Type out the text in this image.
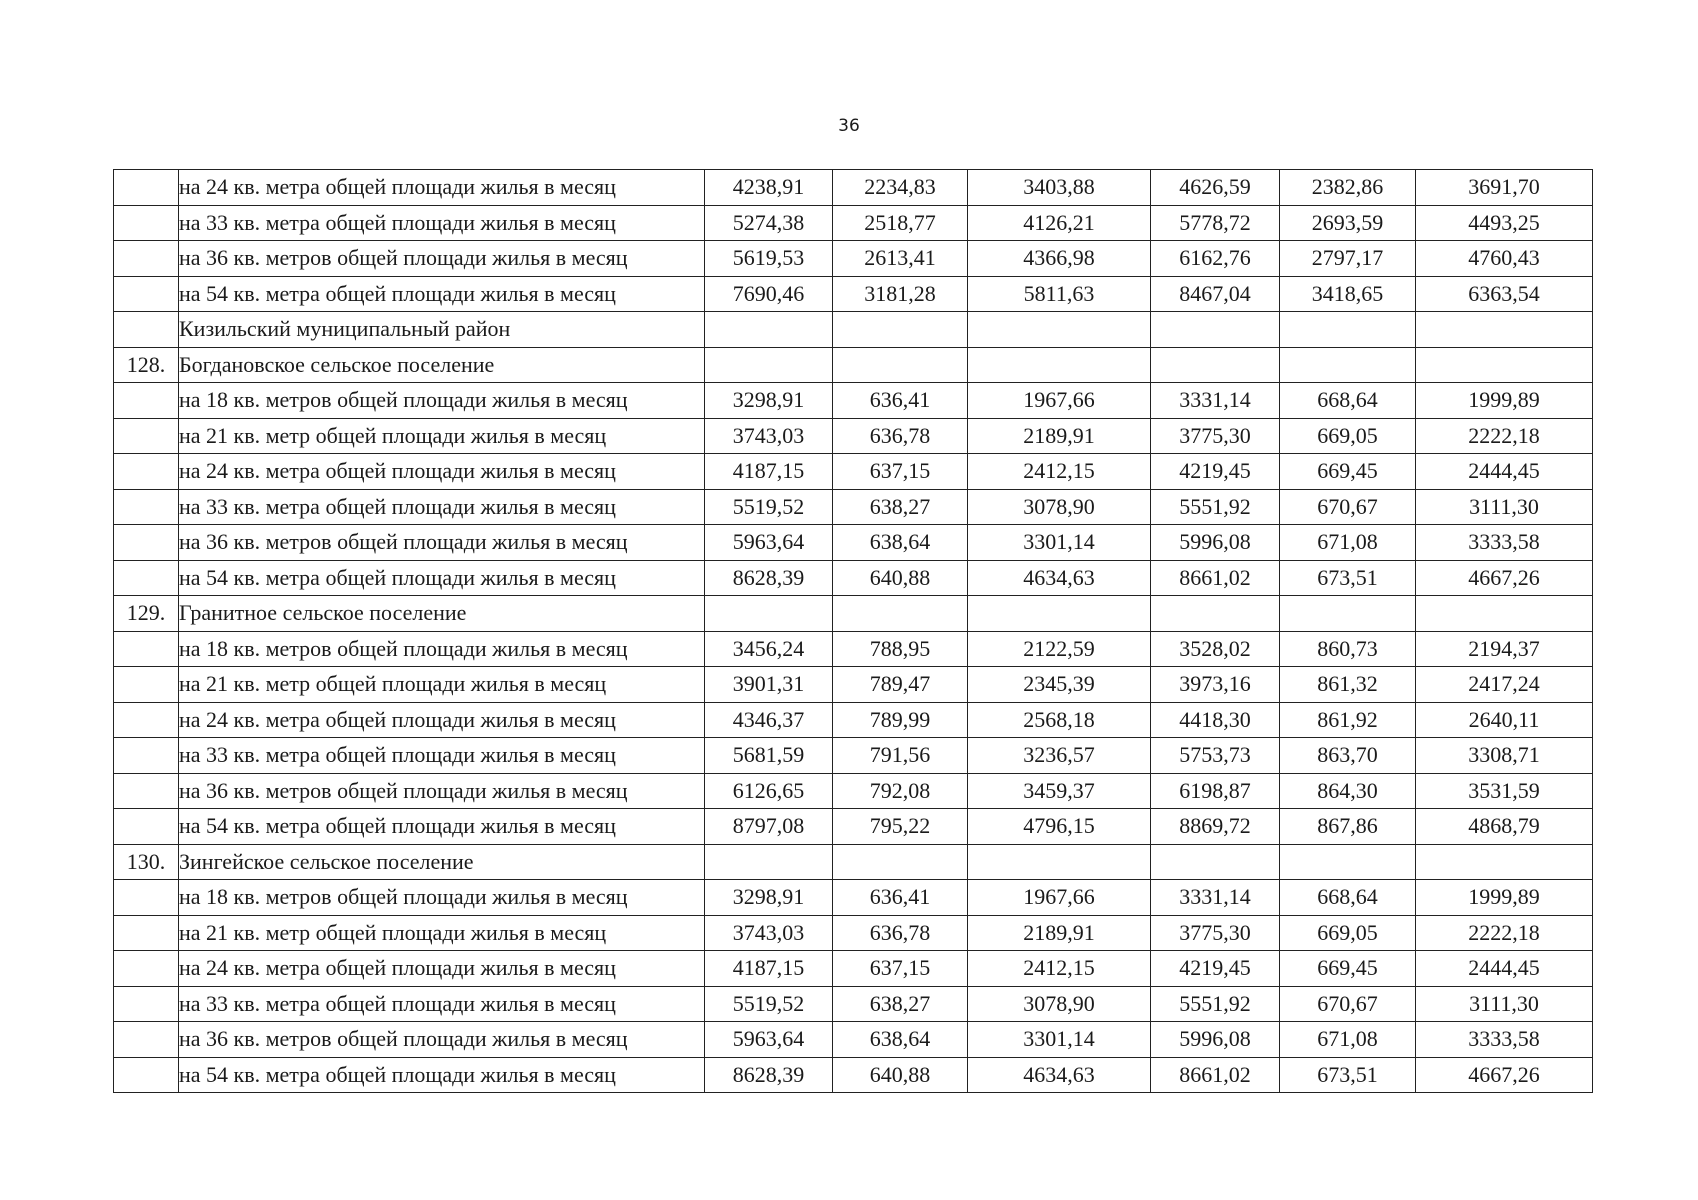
36
	на 24 кв. метра общей площади жилья в месяц	4238,91	2234,83	3403,88	4626,59	2382,86	3691,70
	на 33 кв. метра общей площади жилья в месяц	5274,38	2518,77	4126,21	5778,72	2693,59	4493,25
	на 36 кв. метров общей площади жилья в месяц	5619,53	2613,41	4366,98	6162,76	2797,17	4760,43
	на 54 кв. метра общей площади жилья в месяц	7690,46	3181,28	5811,63	8467,04	3418,65	6363,54
	Кизильский муниципальный район						
128.	Богдановское сельское поселение						
	на 18 кв. метров общей площади жилья в месяц	3298,91	636,41	1967,66	3331,14	668,64	1999,89
	на 21 кв. метр общей площади жилья в месяц	3743,03	636,78	2189,91	3775,30	669,05	2222,18
	на 24 кв. метра общей площади жилья в месяц	4187,15	637,15	2412,15	4219,45	669,45	2444,45
	на 33 кв. метра общей площади жилья в месяц	5519,52	638,27	3078,90	5551,92	670,67	3111,30
	на 36 кв. метров общей площади жилья в месяц	5963,64	638,64	3301,14	5996,08	671,08	3333,58
	на 54 кв. метра общей площади жилья в месяц	8628,39	640,88	4634,63	8661,02	673,51	4667,26
129.	Гранитное сельское поселение						
	на 18 кв. метров общей площади жилья в месяц	3456,24	788,95	2122,59	3528,02	860,73	2194,37
	на 21 кв. метр общей площади жилья в месяц	3901,31	789,47	2345,39	3973,16	861,32	2417,24
	на 24 кв. метра общей площади жилья в месяц	4346,37	789,99	2568,18	4418,30	861,92	2640,11
	на 33 кв. метра общей площади жилья в месяц	5681,59	791,56	3236,57	5753,73	863,70	3308,71
	на 36 кв. метров общей площади жилья в месяц	6126,65	792,08	3459,37	6198,87	864,30	3531,59
	на 54 кв. метра общей площади жилья в месяц	8797,08	795,22	4796,15	8869,72	867,86	4868,79
130.	Зингейское сельское поселение						
	на 18 кв. метров общей площади жилья в месяц	3298,91	636,41	1967,66	3331,14	668,64	1999,89
	на 21 кв. метр общей площади жилья в месяц	3743,03	636,78	2189,91	3775,30	669,05	2222,18
	на 24 кв. метра общей площади жилья в месяц	4187,15	637,15	2412,15	4219,45	669,45	2444,45
	на 33 кв. метра общей площади жилья в месяц	5519,52	638,27	3078,90	5551,92	670,67	3111,30
	на 36 кв. метров общей площади жилья в месяц	5963,64	638,64	3301,14	5996,08	671,08	3333,58
	на 54 кв. метра общей площади жилья в месяц	8628,39	640,88	4634,63	8661,02	673,51	4667,26
